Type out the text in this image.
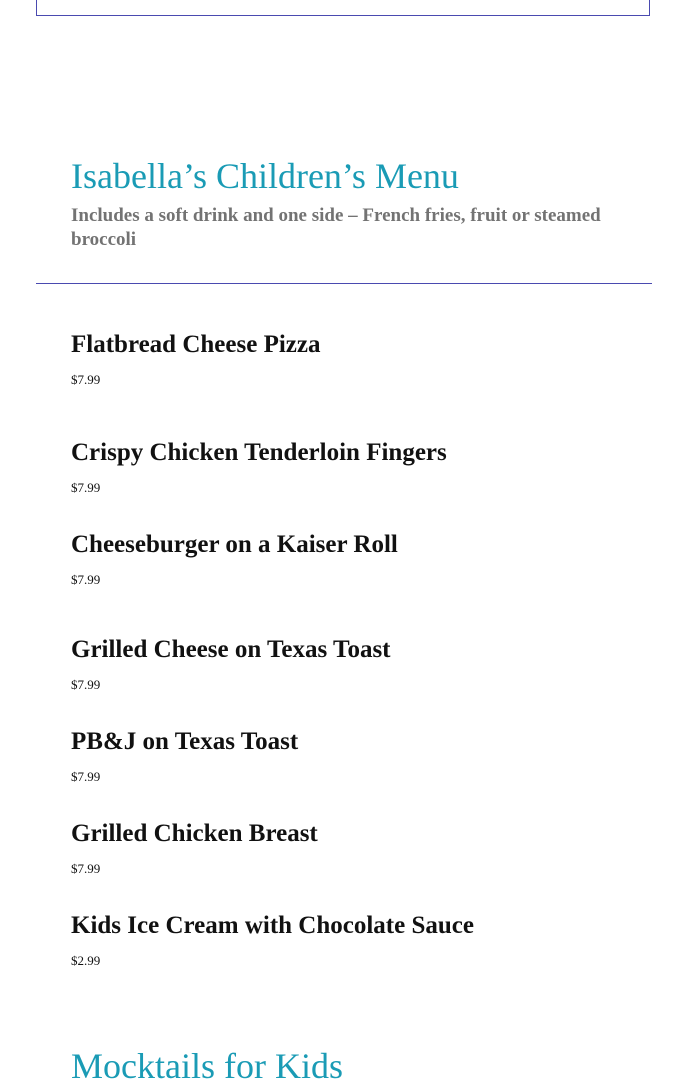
Isabella’s Children’s Menu

Includes a soft drink and one side – French fries, fruit or steamed broccoli

Flatbread Cheese Pizza
$7.99
Crispy Chicken Tenderloin Fingers
$7.99
Cheeseburger on a Kaiser Roll
$7.99
Grilled Cheese on Texas Toast
$7.99
PB&J on Texas Toast
$7.99
Grilled Chicken Breast
$7.99
Kids Ice Cream with Chocolate Sauce
$2.99
Mocktails for Kids
